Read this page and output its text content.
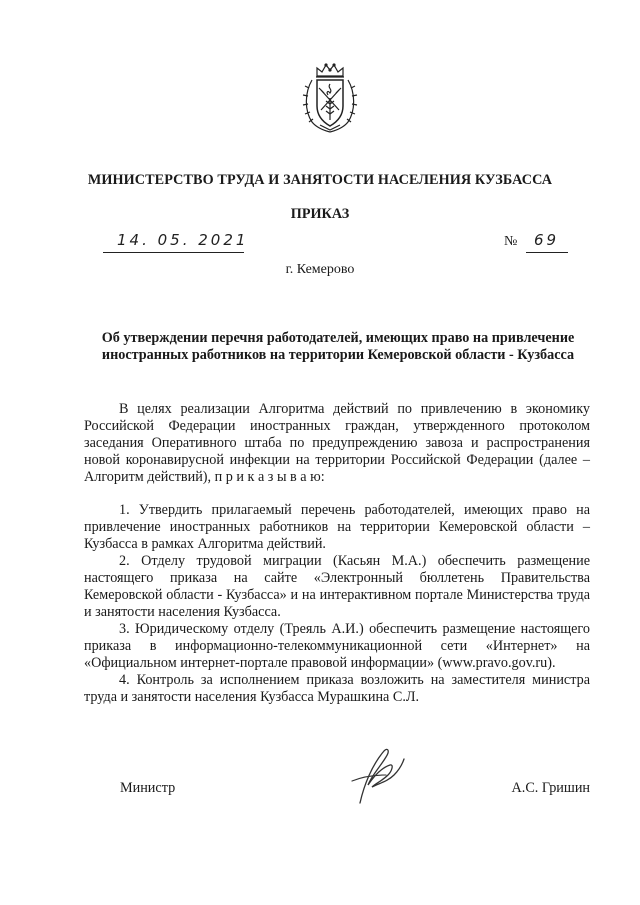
МИНИСТЕРСТВО ТРУДА И ЗАНЯТОСТИ НАСЕЛЕНИЯ КУЗБАССА
ПРИКАЗ
14. 05. 2021	№ 69
г. Кемерово
Об утверждении перечня работодателей, имеющих право на привлечение иностранных работников на территории Кемеровской области - Кузбасса

В целях реализации Алгоритма действий по привлечению в экономику Российской Федерации иностранных граждан, утвержденного протоколом заседания Оперативного штаба по предупреждению завоза и распространения новой коронавирусной инфекции на территории Российской Федерации (далее – Алгоритм действий), п р и к а з ы в а ю:

1. Утвердить прилагаемый перечень работодателей, имеющих право на привлечение иностранных работников на территории Кемеровской области – Кузбасса в рамках Алгоритма действий.

2. Отделу трудовой миграции (Касьян М.А.) обеспечить размещение настоящего приказа на сайте «Электронный бюллетень Правительства Кемеровской области - Кузбасса» и на интерактивном портале Министерства труда и занятости населения Кузбасса.

3. Юридическому отделу (Треяль А.И.) обеспечить размещение настоящего приказа в информационно-телекоммуникационной сети «Интернет» на «Официальном интернет-портале правовой информации» (www.pravo.gov.ru).

4. Контроль за исполнением приказа возложить на заместителя министра труда и занятости населения Кузбасса Мурашкина С.Л.

Министр	А.С. Гришин
